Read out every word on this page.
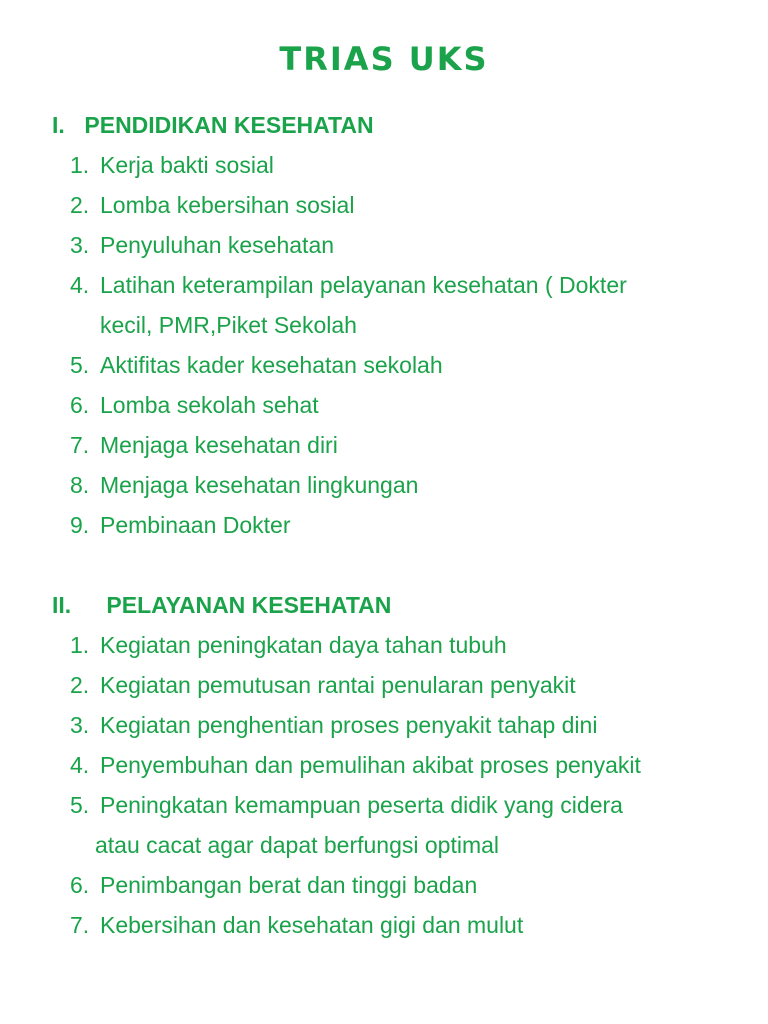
TRIAS UKS
I. PENDIDIKAN KESEHATAN
1. Kerja bakti sosial
2. Lomba kebersihan sosial
3. Penyuluhan kesehatan
4. Latihan keterampilan pelayanan kesehatan ( Dokter
kecil, PMR,Piket Sekolah
5. Aktifitas kader kesehatan sekolah
6. Lomba sekolah sehat
7. Menjaga kesehatan diri
8. Menjaga kesehatan lingkungan
9. Pembinaan Dokter
II. PELAYANAN KESEHATAN
1. Kegiatan peningkatan daya tahan tubuh
2. Kegiatan pemutusan rantai penularan penyakit
3. Kegiatan penghentian proses penyakit tahap dini
4. Penyembuhan dan pemulihan akibat proses penyakit
5. Peningkatan kemampuan peserta didik yang cidera
atau cacat agar dapat berfungsi optimal
6. Penimbangan berat dan tinggi badan
7. Kebersihan dan kesehatan gigi dan mulut
